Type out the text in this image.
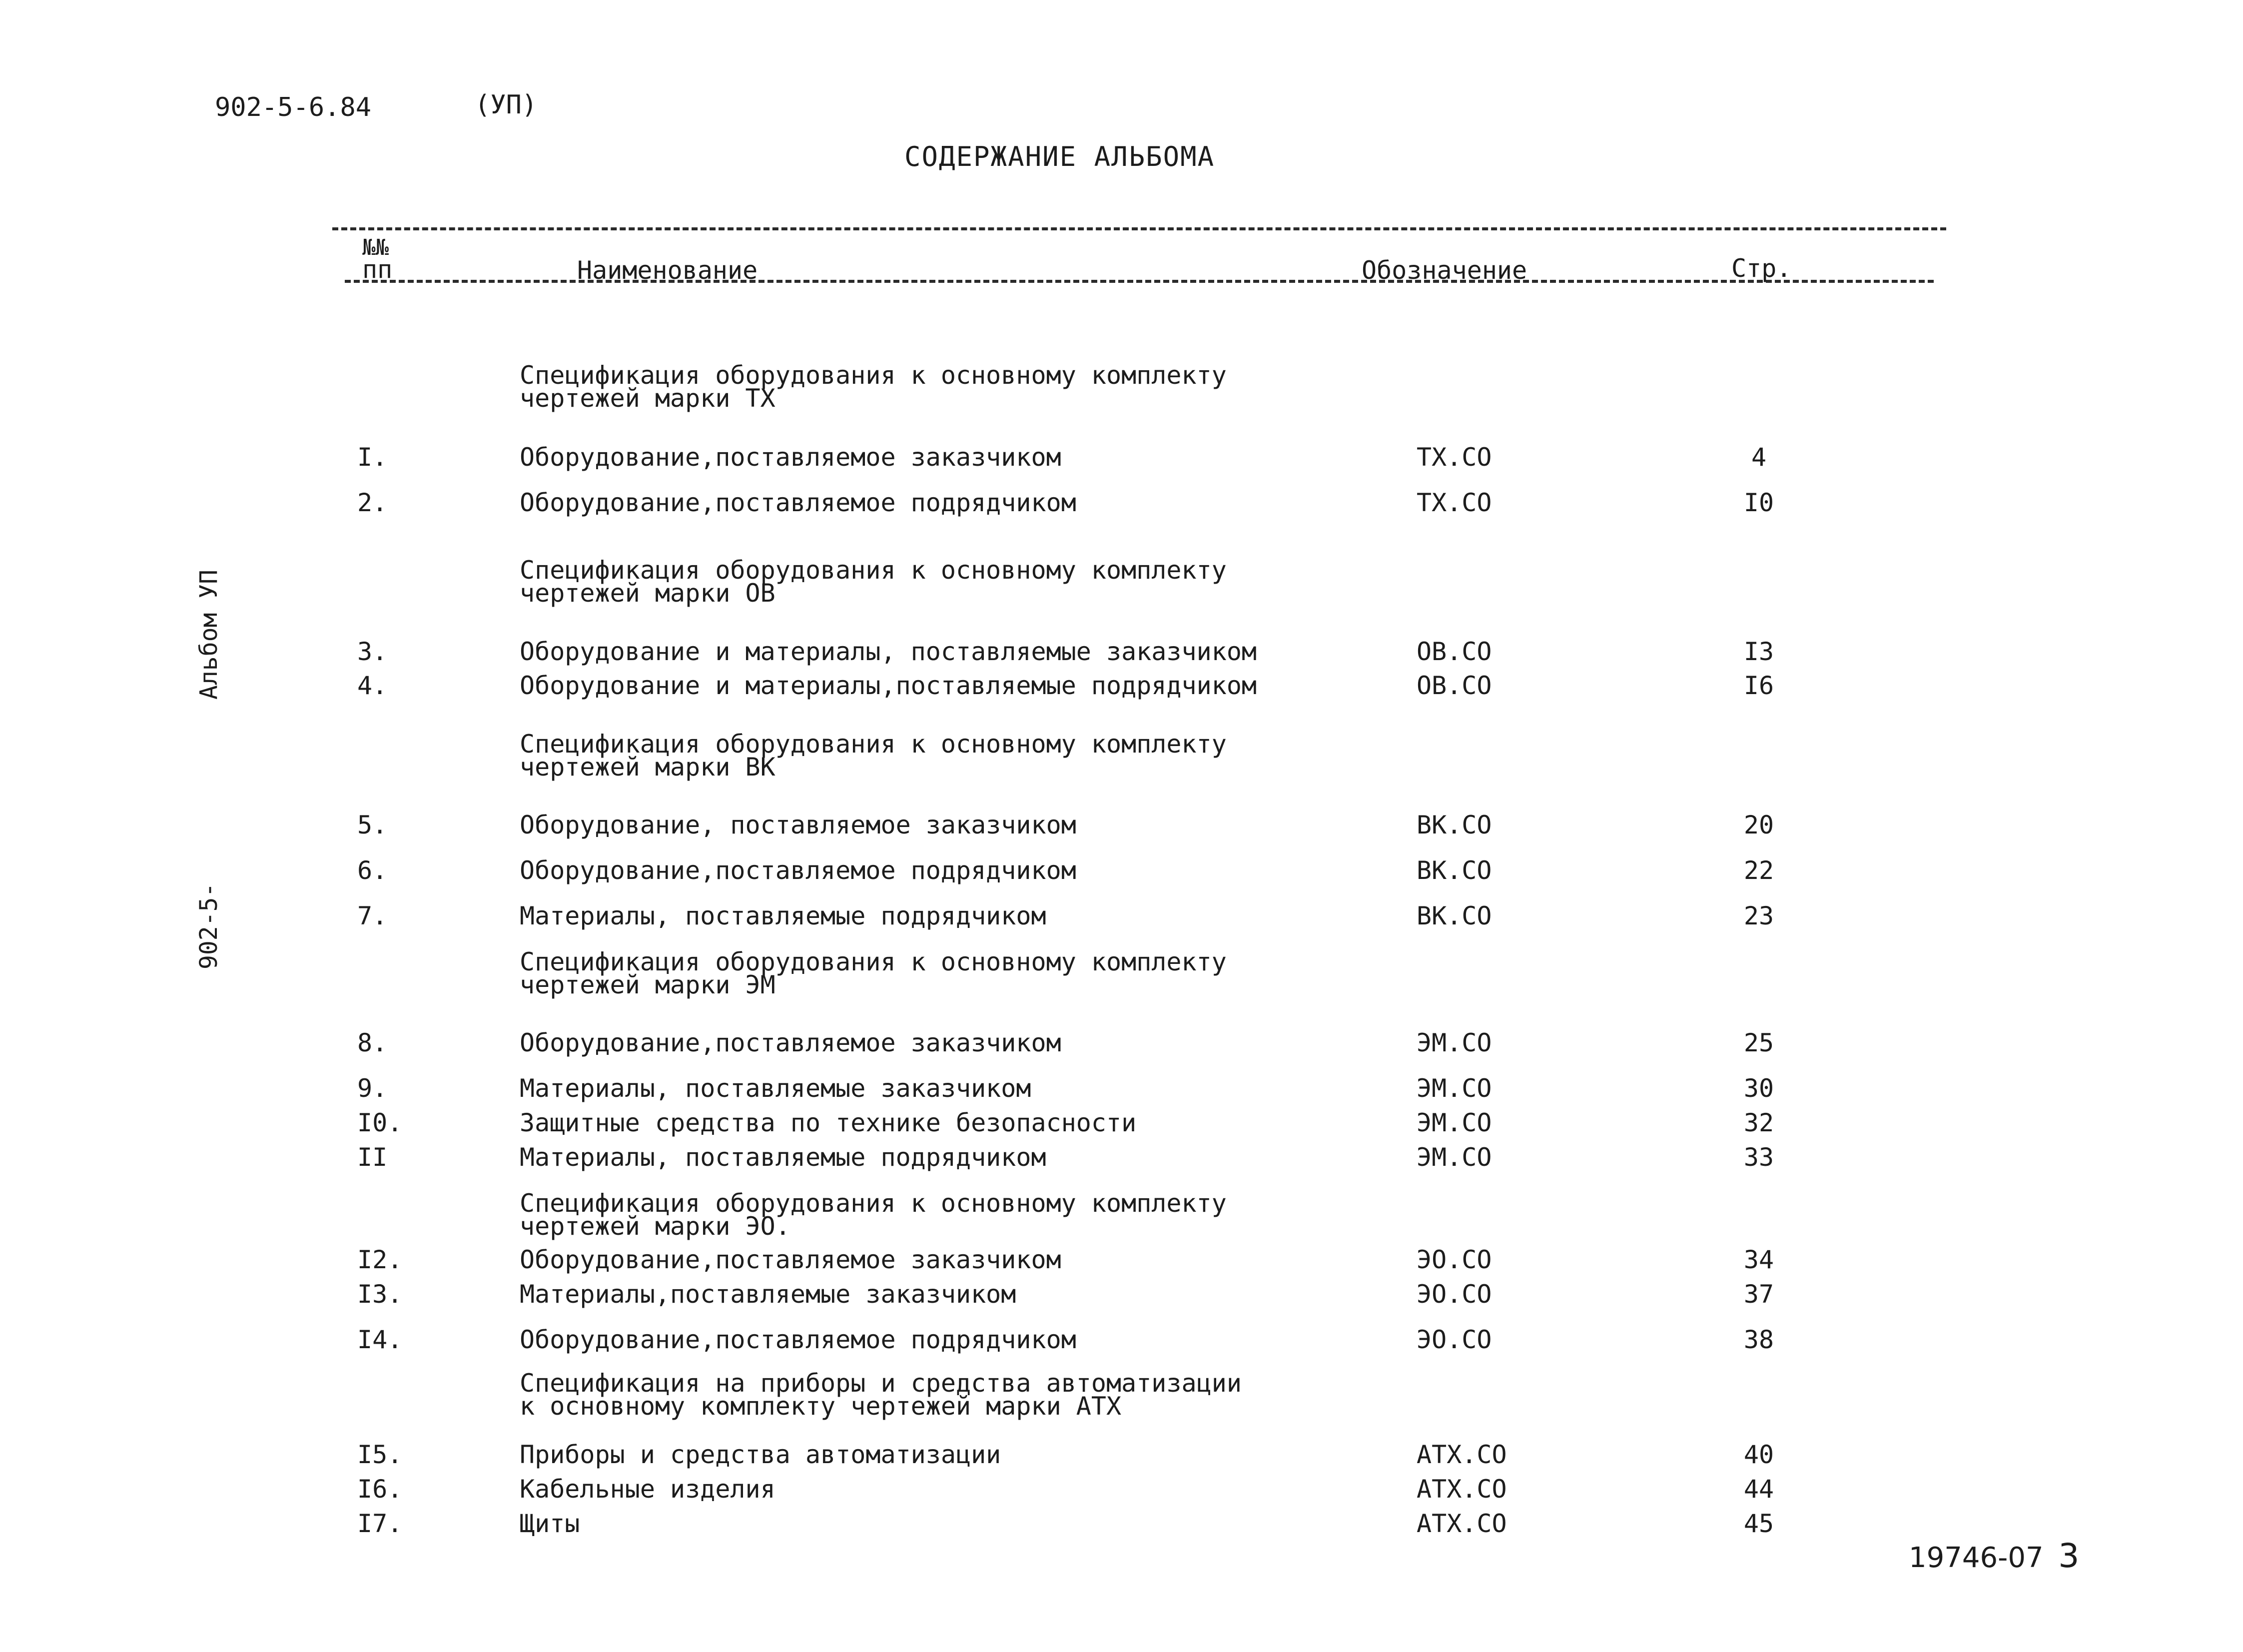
902-5-6.84	(УП)
СОДЕРЖАНИЕ АЛЬБОМА
Альбом УП
902-5-
№№
пп	Наименование	Обозначение	Стр.
Спецификация оборудования к основному комплекту
чертежей марки ТХ
I.	Оборудование,поставляемое заказчиком	ТХ.СО	4
2.	Оборудование,поставляемое подрядчиком	ТХ.СО	I0
Спецификация оборудования к основному комплекту
чертежей марки ОВ
3.	Оборудование и материалы, поставляемые заказчиком	ОВ.СО	I3
4.	Оборудование и материалы,поставляемые подрядчиком	ОВ.СО	I6
Спецификация оборудования к основному комплекту
чертежей марки ВК
5.	Оборудование, поставляемое заказчиком	ВК.СО	20
6.	Оборудование,поставляемое подрядчиком	ВК.СО	22
7.	Материалы, поставляемые подрядчиком	ВК.СО	23
Спецификация оборудования к основному комплекту
чертежей марки ЭМ
8.	Оборудование,поставляемое заказчиком	ЭМ.СО	25
9.	Материалы, поставляемые заказчиком	ЭМ.СО	30
I0.	Защитные средства по технике безопасности	ЭМ.СО	32
II	Материалы, поставляемые подрядчиком	ЭМ.СО	33
Спецификация оборудования к основному комплекту
чертежей марки ЭО.
I2.	Оборудование,поставляемое заказчиком	ЭО.СО	34
I3.	Материалы,поставляемые заказчиком	ЭО.СО	37
I4.	Оборудование,поставляемое подрядчиком	ЭО.СО	38
Спецификация на приборы и средства автоматизации
к основному комплекту чертежей марки АТХ
I5.	Приборы и средства автоматизации	АТХ.СО	40
I6.	Кабельные изделия	АТХ.СО	44
I7.	Щиты	АТХ.СО	45
19746-07 3
